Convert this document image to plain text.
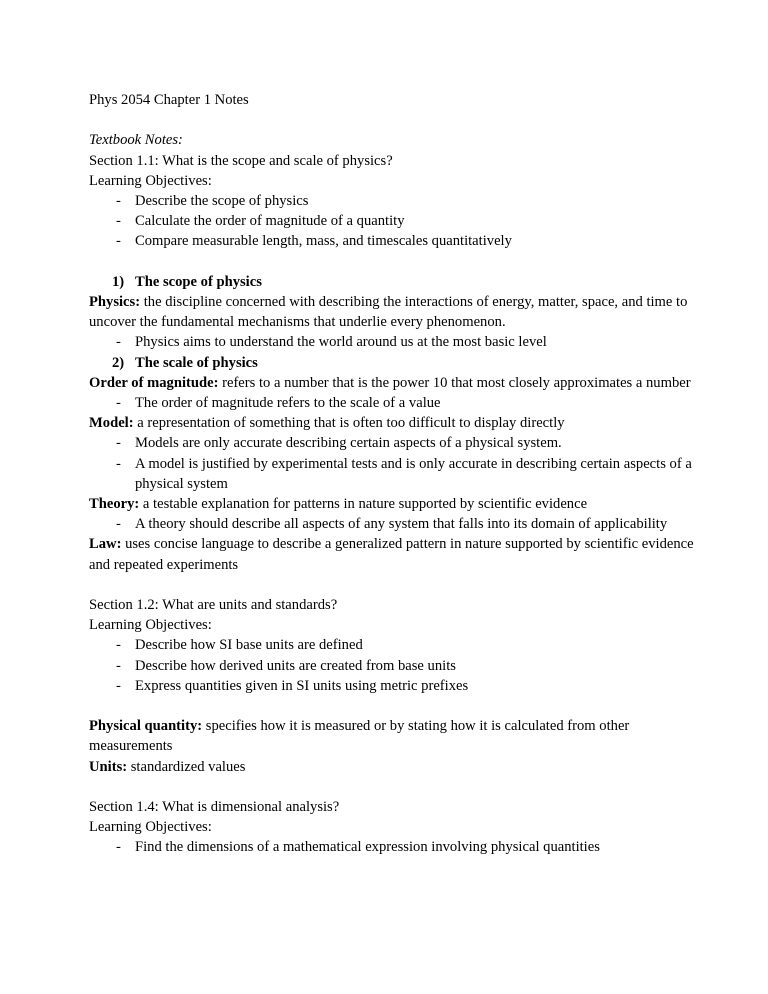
Phys 2054 Chapter 1 Notes

Textbook Notes:

Section 1.1: What is the scope and scale of physics?

Learning Objectives:

- Describe the scope of physics

- Calculate the order of magnitude of a quantity

- Compare measurable length, mass, and timescales quantitatively

1) The scope of physics

Physics: the discipline concerned with describing the interactions of energy, matter, space, and time to uncover the fundamental mechanisms that underlie every phenomenon.

- Physics aims to understand the world around us at the most basic level

2) The scale of physics

Order of magnitude: refers to a number that is the power 10 that most closely approximates a number

- The order of magnitude refers to the scale of a value

Model: a representation of something that is often too difficult to display directly

- Models are only accurate describing certain aspects of a physical system.

- A model is justified by experimental tests and is only accurate in describing certain aspects of a physical system

Theory: a testable explanation for patterns in nature supported by scientific evidence

- A theory should describe all aspects of any system that falls into its domain of applicability

Law: uses concise language to describe a generalized pattern in nature supported by scientific evidence and repeated experiments

Section 1.2: What are units and standards?

Learning Objectives:

- Describe how SI base units are defined

- Describe how derived units are created from base units

- Express quantities given in SI units using metric prefixes

Physical quantity: specifies how it is measured or by stating how it is calculated from other measurements

Units: standardized values

Section 1.4: What is dimensional analysis?

Learning Objectives:

- Find the dimensions of a mathematical expression involving physical quantities
